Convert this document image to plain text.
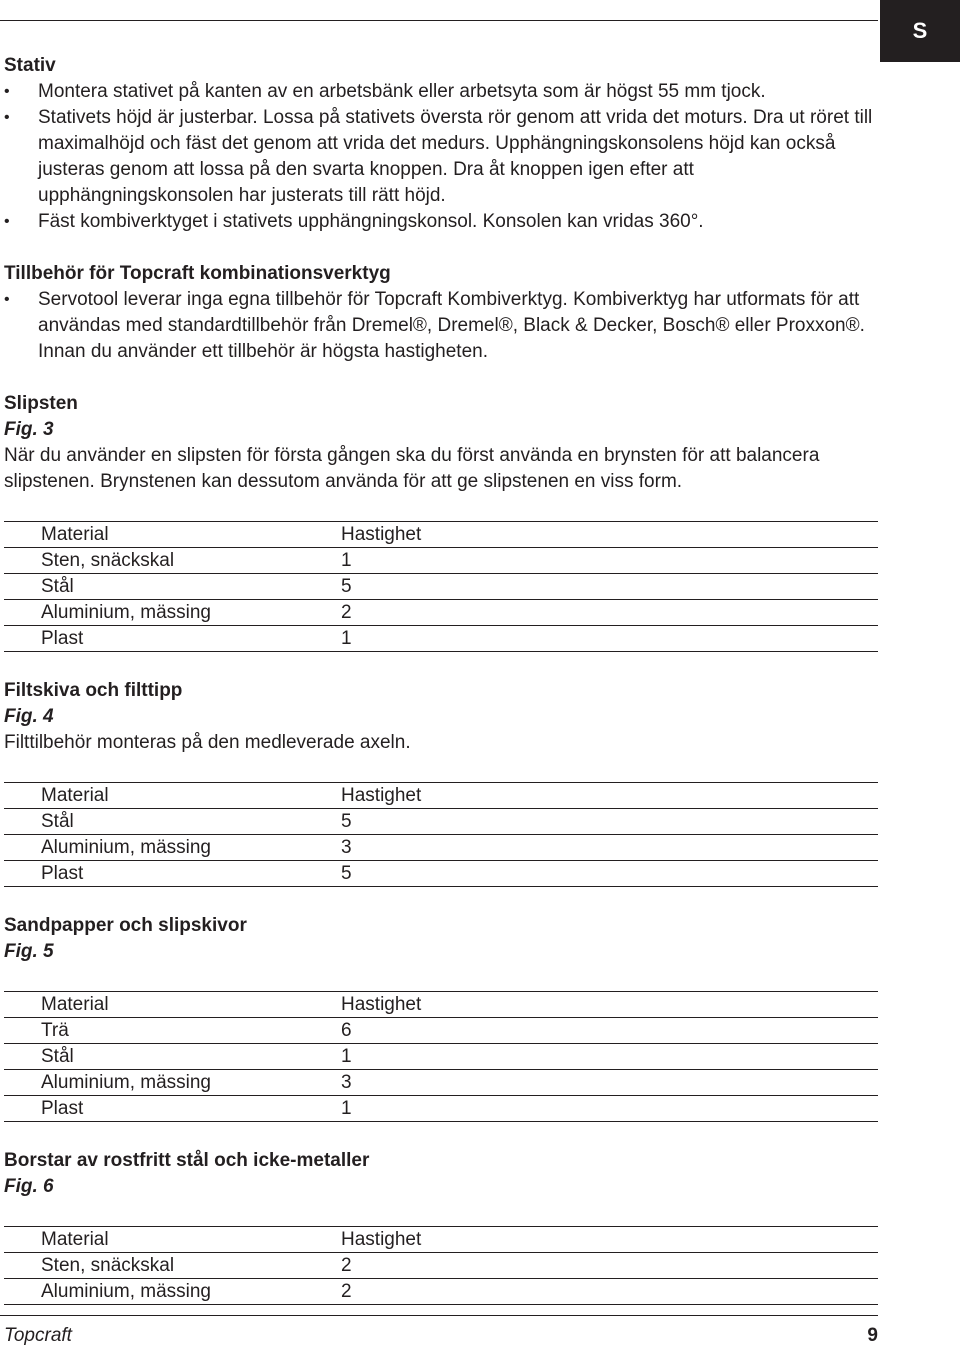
S
Stativ
• Montera stativet på kanten av en arbetsbänk eller arbetsyta som är högst 55 mm tjock.
• Stativets höjd är justerbar. Lossa på stativets översta rör genom att vrida det moturs. Dra ut röret till maximalhöjd och fäst det genom att vrida det medurs. Upphängningskonsolens höjd kan också justeras genom att lossa på den svarta knoppen. Dra åt knoppen igen efter att upphängningskonsolen har justerats till rätt höjd.
• Fäst kombiverktyget i stativets upphängningskonsol. Konsolen kan vridas 360°.
Tillbehör för Topcraft kombinationsverktyg
• Servotool leverar inga egna tillbehör för Topcraft Kombiverktyg. Kombiverktyg har utformats för att användas med standardtillbehör från Dremel®, Dremel®, Black & Decker, Bosch® eller Proxxon®. Innan du använder ett tillbehör är högsta hastigheten.
Slipsten
Fig. 3
När du använder en slipsten för första gången ska du först använda en brynsten för att balancera slipstenen. Brynstenen kan dessutom använda för att ge slipstenen en viss form.
Material	Hastighet
Sten, snäckskal	1
Stål	5
Aluminium, mässing	2
Plast	1
Filtskiva och filttipp
Fig. 4
Filttilbehör monteras på den medleverade axeln.
Material	Hastighet
Stål	5
Aluminium, mässing	3
Plast	5
Sandpapper och slipskivor
Fig. 5
Material	Hastighet
Trä	6
Stål	1
Aluminium, mässing	3
Plast	1
Borstar av rostfritt stål och icke-metaller
Fig. 6
Material	Hastighet
Sten, snäckskal	2
Aluminium, mässing	2
Topcraft	9
